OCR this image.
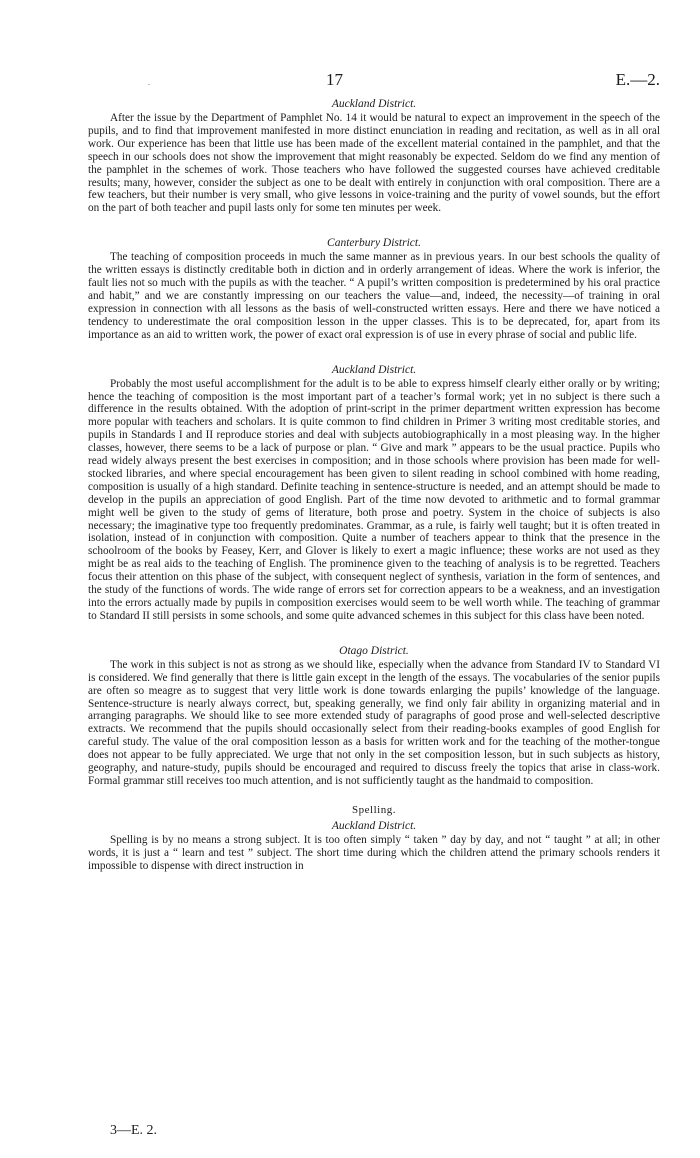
.	17	E.—2.
Auckland District.

After the issue by the Department of Pamphlet No. 14 it would be natural to expect an improvement in the speech of the pupils, and to find that improvement manifested in more distinct enunciation in reading and recitation, as well as in all oral work. Our experience has been that little use has been made of the excellent material contained in the pamphlet, and that the speech in our schools does not show the improvement that might reasonably be expected. Seldom do we find any mention of the pamphlet in the schemes of work. Those teachers who have followed the suggested courses have achieved creditable results; many, however, consider the subject as one to be dealt with entirely in conjunction with oral composition. There are a few teachers, but their number is very small, who give lessons in voice-training and the purity of vowel sounds, but the effort on the part of both teacher and pupil lasts only for some ten minutes per week.

Canterbury District.

The teaching of composition proceeds in much the same manner as in previous years. In our best schools the quality of the written essays is distinctly creditable both in diction and in orderly arrangement of ideas. Where the work is inferior, the fault lies not so much with the pupils as with the teacher. “ A pupil’s written composition is predetermined by his oral practice and habit,” and we are constantly impressing on our teachers the value—and, indeed, the necessity—of training in oral expression in connection with all lessons as the basis of well-constructed written essays. Here and there we have noticed a tendency to underestimate the oral composition lesson in the upper classes. This is to be deprecated, for, apart from its importance as an aid to written work, the power of exact oral expression is of use in every phrase of social and public life.

Auckland District.

Probably the most useful accomplishment for the adult is to be able to express himself clearly either orally or by writing; hence the teaching of composition is the most important part of a teacher’s formal work; yet in no subject is there such a difference in the results obtained. With the adoption of print-script in the primer department written expression has become more popular with teachers and scholars. It is quite common to find children in Primer 3 writing most creditable stories, and pupils in Standards I and II reproduce stories and deal with subjects autobiographically in a most pleasing way. In the higher classes, however, there seems to be a lack of purpose or plan. “ Give and mark ” appears to be the usual practice. Pupils who read widely always present the best exercises in composition; and in those schools where provision has been made for well-stocked libraries, and where special encouragement has been given to silent reading in school combined with home reading, composition is usually of a high standard. Definite teaching in sentence-structure is needed, and an attempt should be made to develop in the pupils an appreciation of good English. Part of the time now devoted to arithmetic and to formal grammar might well be given to the study of gems of literature, both prose and poetry. System in the choice of subjects is also necessary; the imaginative type too frequently predominates. Grammar, as a rule, is fairly well taught; but it is often treated in isolation, instead of in conjunction with composition. Quite a number of teachers appear to think that the presence in the schoolroom of the books by Feasey, Kerr, and Glover is likely to exert a magic influence; these works are not used as they might be as real aids to the teaching of English. The prominence given to the teaching of analysis is to be regretted. Teachers focus their attention on this phase of the subject, with consequent neglect of synthesis, variation in the form of sentences, and the study of the functions of words. The wide range of errors set for correction appears to be a weakness, and an investigation into the errors actually made by pupils in composition exercises would seem to be well worth while. The teaching of grammar to Standard II still persists in some schools, and some quite advanced schemes in this subject for this class have been noted.

Otago District.

The work in this subject is not as strong as we should like, especially when the advance from Standard IV to Standard VI is considered. We find generally that there is little gain except in the length of the essays. The vocabularies of the senior pupils are often so meagre as to suggest that very little work is done towards enlarging the pupils’ knowledge of the language. Sentence-structure is nearly always correct, but, speaking generally, we find only fair ability in organizing material and in arranging paragraphs. We should like to see more extended study of paragraphs of good prose and well-selected descriptive extracts. We recommend that the pupils should occasionally select from their reading-books examples of good English for careful study. The value of the oral composition lesson as a basis for written work and for the teaching of the mother-tongue does not appear to be fully appreciated. We urge that not only in the set composition lesson, but in such subjects as history, geography, and nature-study, pupils should be encouraged and required to discuss freely the topics that arise in class-work. Formal grammar still receives too much attention, and is not sufficiently taught as the handmaid to composition.

Spelling.
Auckland District.

Spelling is by no means a strong subject. It is too often simply “ taken ” day by day, and not “ taught ” at all; in other words, it is just a “ learn and test ” subject. The short time during which the children attend the primary schools renders it impossible to dispense with direct instruction in

3—E. 2.
